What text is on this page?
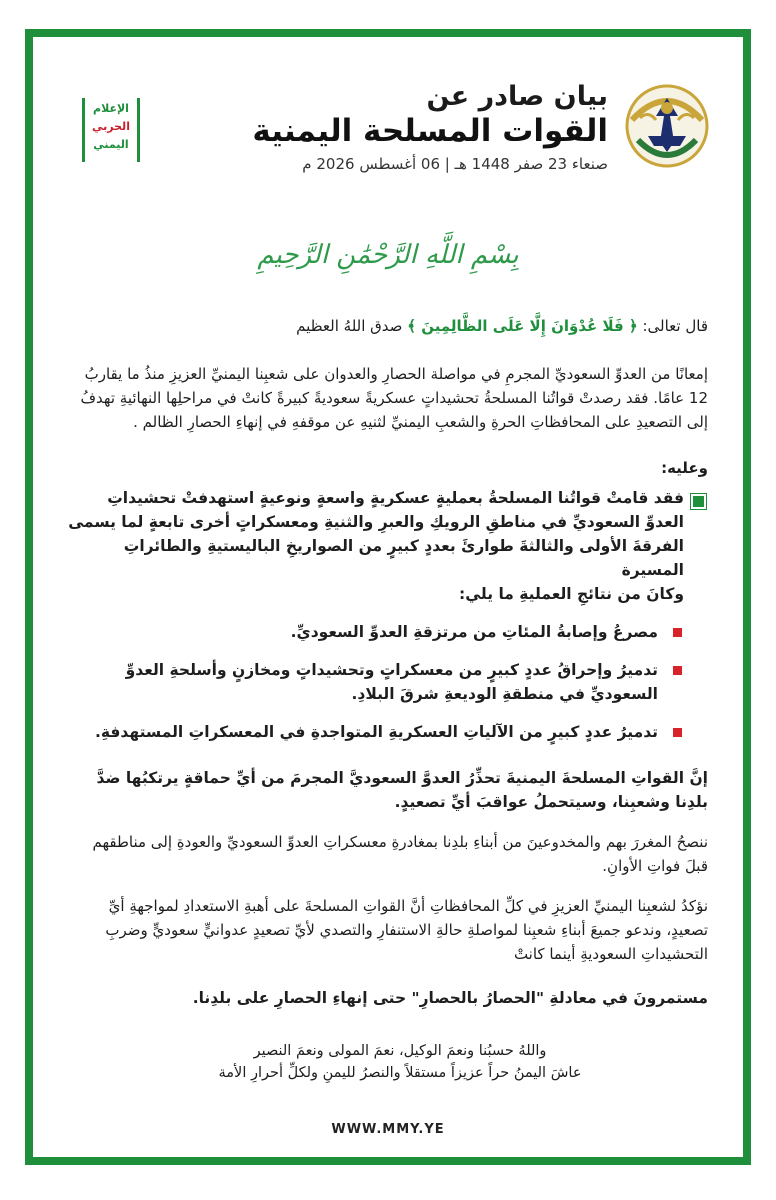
بيان صادر عن
القوات المسلحة اليمنية
صنعاء 23 صفر 1448 هـ | 06 أغسطس 2026 م
الإعلام
الحربي
اليمني
بِسْمِ اللَّهِ الرَّحْمَٰنِ الرَّحِيمِ

قال تعالى: ﴿ فَلَا عُدْوَانَ إِلَّا عَلَى الظَّالِمِينَ ﴾ صدق اللهُ العظيم

إمعانًا من العدوِّ السعوديِّ المجرمِ في مواصلة الحصارِ والعدوان على شعبِنا اليمنيِّ العزيزِ منذُ ما يقاربُ 12 عامًا. فقد رصدتْ قواتُنا المسلحةُ تحشيداتٍ عسكريةً سعوديةً كبيرةً كانتْ في مراحلِها النهائيةِ تهدفُ إلى التصعيدِ على المحافظاتِ الحرةِ والشعبِ اليمنيِّ لثنيهِ عن موقفهِ في إنهاءِ الحصارِ الظالم .

وعليه:

فقد قامتْ قواتُنا المسلحةُ بعمليةٍ عسكريةٍ واسعةٍ ونوعيةٍ استهدفتْ تحشيداتِ العدوِّ السعوديِّ في مناطقِ الرويكِ والعبرِ والثنيةِ ومعسكراتٍ أخرى تابعةٍ لما يسمى الفرقةَ الأولى والثالثةَ طوارئَ بعددٍ كبيرٍ من الصواريخِ الباليستيةِ والطائراتِ المسيرة
وكانَ من نتائجِ العمليةِ ما يلي:
مصرعُ وإصابةُ المئاتِ من مرتزقةِ العدوِّ السعوديِّ.
تدميرُ وإحراقُ عددٍ كبيرٍ من معسكراتٍ وتحشيداتٍ ومخازنٍ وأسلحةِ العدوِّ السعوديِّ في منطقةِ الوديعةِ شرقَ البلادِ.
تدميرُ عددٍ كبيرٍ من الآلياتِ العسكريةِ المتواجدةِ في المعسكراتِ المستهدفةِ.

إنَّ القواتِ المسلحةَ اليمنيةَ تحذِّرُ العدوَّ السعوديَّ المجرمَ من أيِّ حماقةٍ يرتكبُها ضدَّ بلدِنا وشعبِنا، وسيتحملُ عواقبَ أيِّ تصعيدٍ.

ننصحُ المغررَ بهم والمخدوعينَ من أبناءِ بلدِنا بمغادرةِ معسكراتِ العدوِّ السعوديِّ والعودةِ إلى مناطقهم قبلَ فواتِ الأوانِ.

نؤكدُ لشعبِنا اليمنيِّ العزيزِ في كلِّ المحافظاتِ أنَّ القواتِ المسلحةَ على أهبةِ الاستعدادِ لمواجهةِ أيِّ تصعيدٍ، وندعو جميعَ أبناءِ شعبِنا لمواصلةِ حالةِ الاستنفارِ والتصدي لأيِّ تصعيدٍ عدوانيٍّ سعوديٍّ وضربِ التحشيداتِ السعوديةِ أينما كانتْ

مستمرونَ في معادلةِ "الحصارُ بالحصارِ" حتى إنهاءِ الحصارِ على بلدِنا.

واللهُ حسبُنا ونعمَ الوكيل، نعمَ المولى ونعمَ النصير
عاشَ اليمنُ حراً عزيزاً مستقلاً والنصرُ لليمنِ ولكلِّ أحرارِ الأمة
WWW.MMY.YE
